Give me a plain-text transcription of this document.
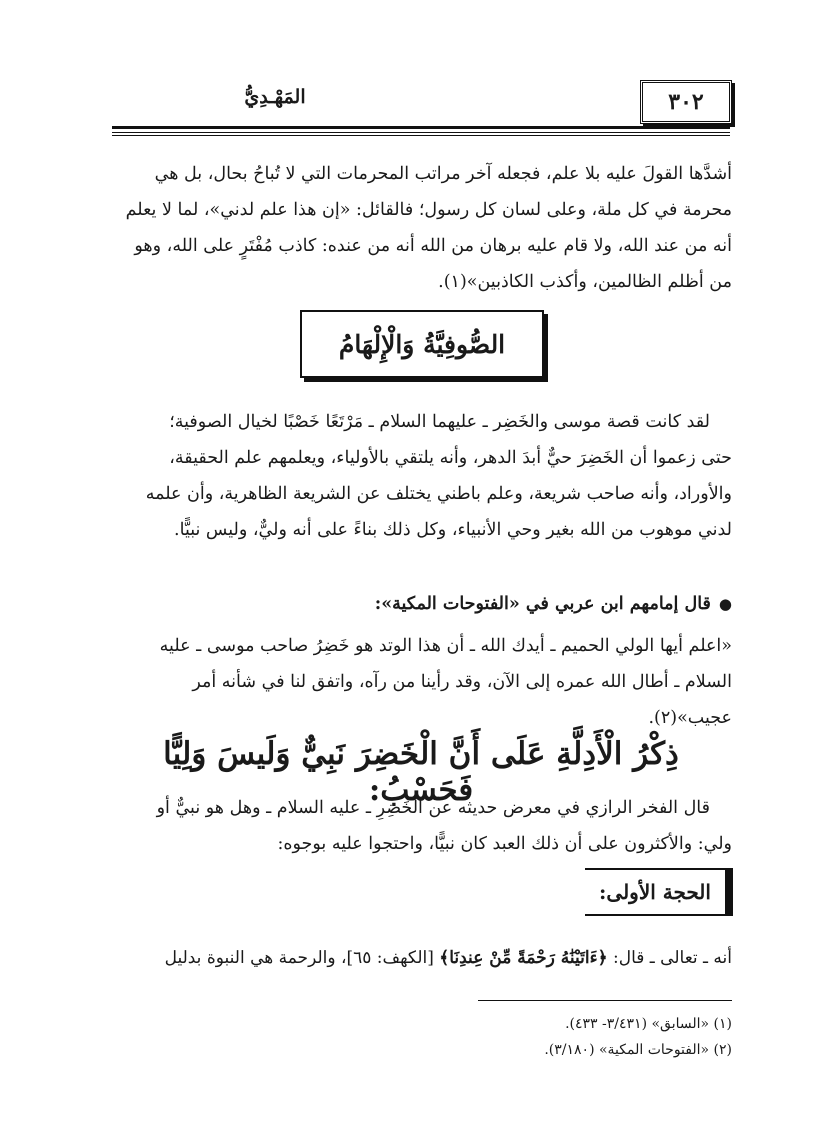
٣٠٢
المَهْـدِيُّ
أشدَّها القولَ عليه بلا علم، فجعله آخر مراتب المحرمات التي لا تُباحُ بحال، بل هي
محرمة في كل ملة، وعلى لسان كل رسول؛ فالقائل: «إن هذا علم لدني»، لما لا يعلم
أنه من عند الله، ولا قام عليه برهان من الله أنه من عنده: كاذب مُفْتَرٍ على الله، وهو
من أظلم الظالمين، وأكذب الكاذبين»(١).
الصُّوفِيَّةُ وَالْإِلْهَامُ
لقد كانت قصة موسى والخَضِر ـ عليهما السلام ـ مَرْتَعًا خَصْبًا لخيال الصوفية؛
حتى زعموا أن الخَضِرَ حيٌّ أبدَ الدهر، وأنه يلتقي بالأولياء، ويعلمهم علم الحقيقة،
والأوراد، وأنه صاحب شريعة، وعلم باطني يختلف عن الشريعة الظاهرية، وأن علمه
لدني موهوب من الله بغير وحي الأنبياء، وكل ذلك بناءً على أنه وليٌّ، وليس نبيًّا.
●قال إمامهم ابن عربي في «الفتوحات المكية»:
«اعلم أيها الولي الحميم ـ أيدك الله ـ أن هذا الوتد هو خَضِرُ صاحب موسى ـ عليه
السلام ـ أطال الله عمره إلى الآن، وقد رأينا من رآه، واتفق لنا في شأنه أمر
عجيب»(٢).
ذِكْرُ الْأَدِلَّةِ عَلَى أَنَّ الْخَضِرَ نَبِيٌّ وَلَيسَ وَلِيًّا فَحَسْبُ:
قال الفخر الرازي في معرض حديثه عن الخَضِرِ ـ عليه السلام ـ وهل هو نبيٌّ أو
ولي: والأكثرون على أن ذلك العبد كان نبيًّا، واحتجوا عليه بوجوه:
الحجة الأولى:
أنه ـ تعالى ـ قال: ﴿ءَاتَيْنَٰهُ رَحْمَةً مِّنْ عِندِنَا﴾ [الكهف: ٦٥]، والرحمة هي النبوة بدليل
(١) «السابق» (٣/٤٣١- ٤٣٣).
(٢) «الفتوحات المكية» (٣/١٨٠).
